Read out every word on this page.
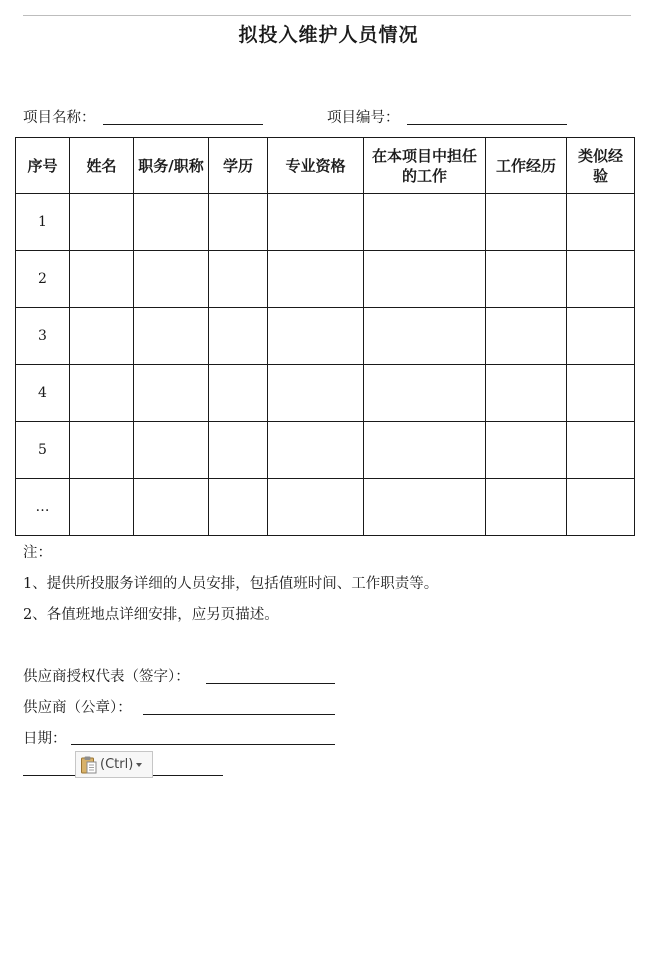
拟投入维护人员情况
项目名称：	项目编号：
序号	姓名	职务/职称	学历	专业资格	在本项目中担任的工作	工作经历	类似经验
1							
2							
3							
4							
5							
…							
注：
1、提供所投服务详细的人员安排，包括值班时间、工作职责等。
2、各值班地点详细安排，应另页描述。
供应商授权代表（签字）：
供应商（公章）：
日期：
(Ctrl)
